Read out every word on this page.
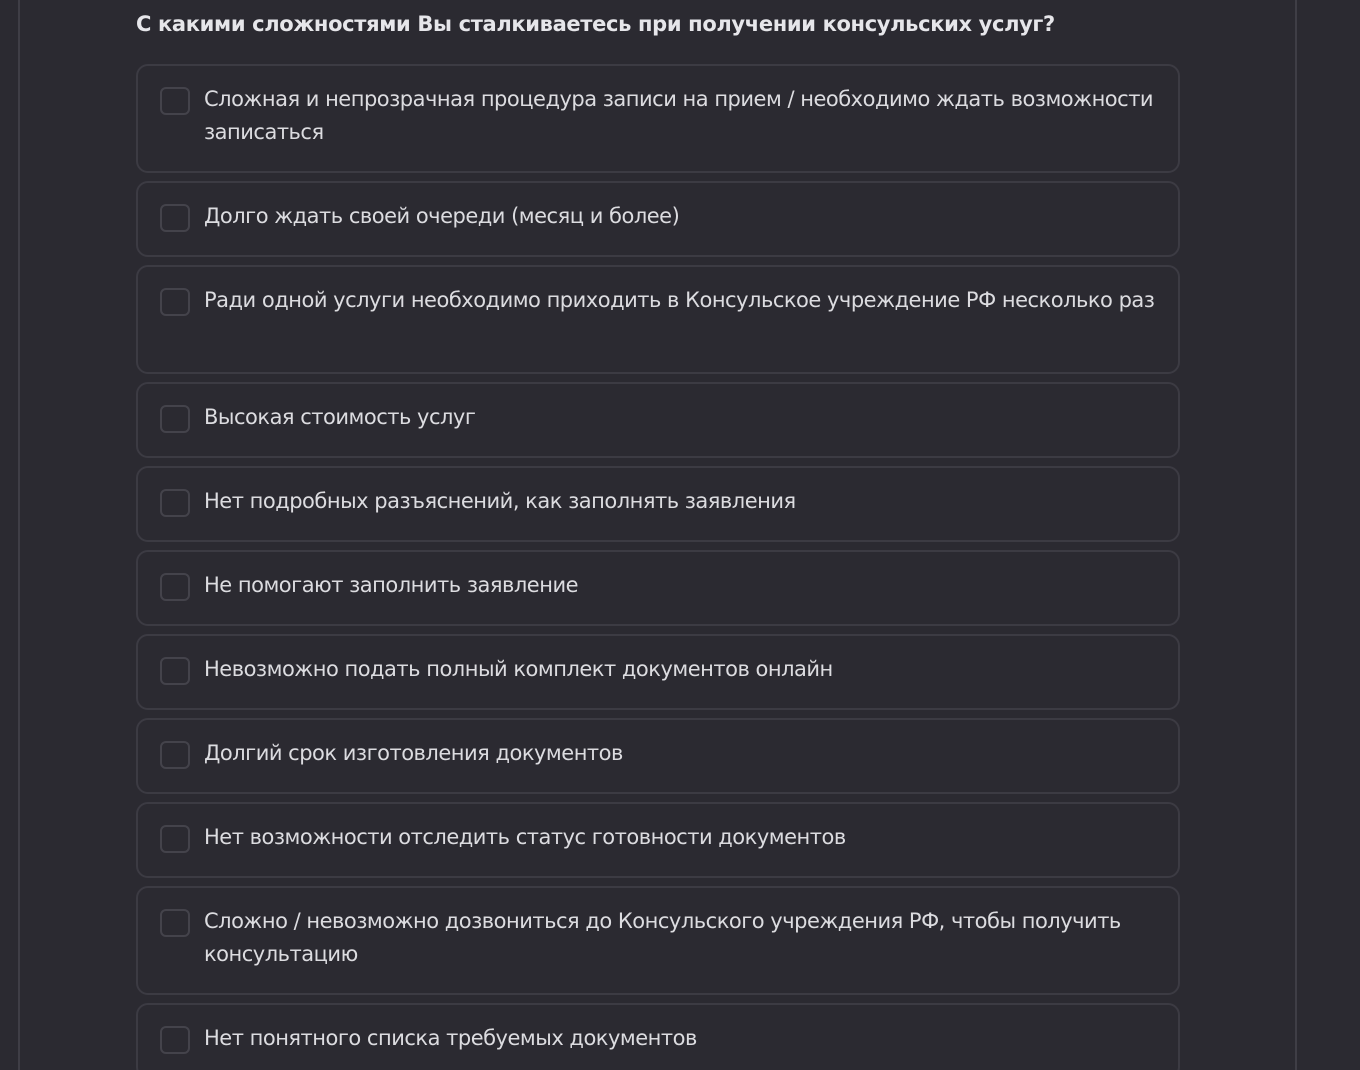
С какими сложностями Вы сталкиваетесь при получении консульских услуг?
Сложная и непрозрачная процедура записи на прием / необходимо ждать возможности записаться
Долго ждать своей очереди (месяц и более)
Ради одной услуги необходимо приходить в Консульское учреждение РФ несколько раз
Высокая стоимость услуг
Нет подробных разъяснений, как заполнять заявления
Не помогают заполнить заявление
Невозможно подать полный комплект документов онлайн
Долгий срок изготовления документов
Нет возможности отследить статус готовности документов
Сложно / невозможно дозвониться до Консульского учреждения РФ, чтобы получить консультацию
Нет понятного списка требуемых документов
